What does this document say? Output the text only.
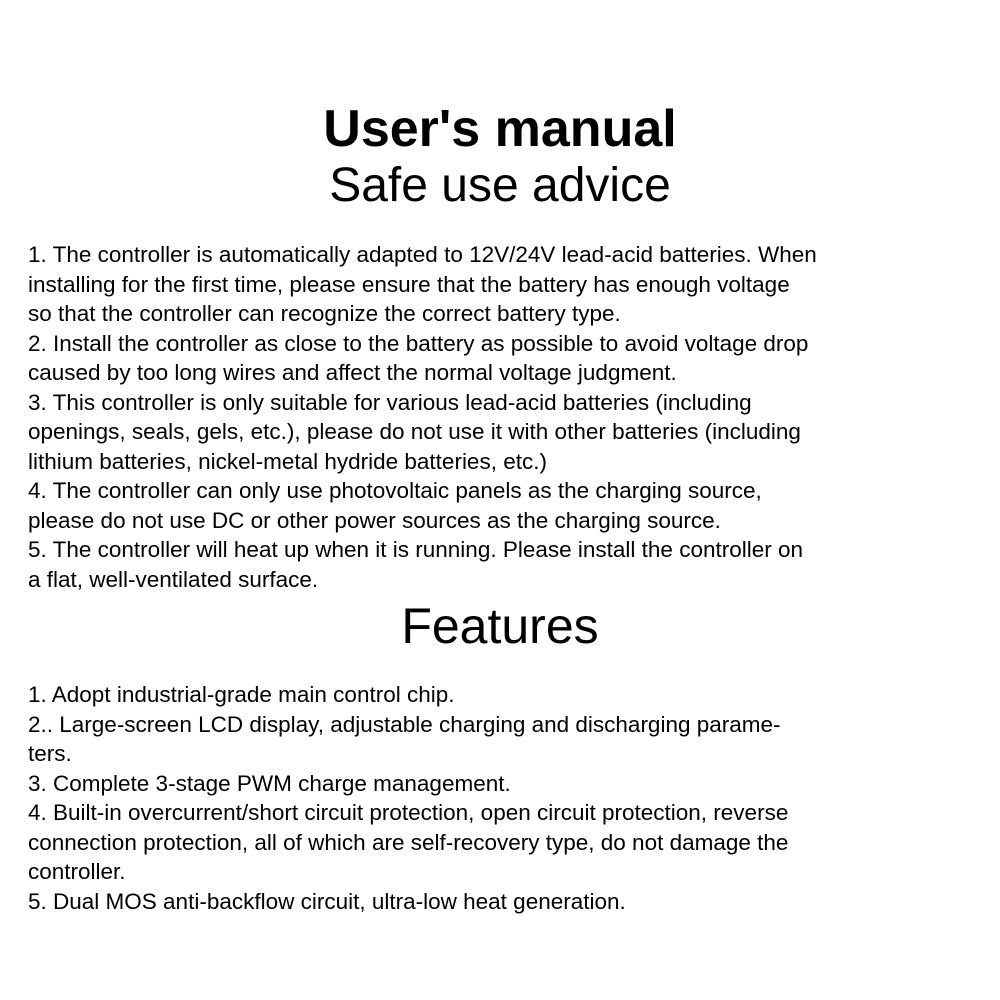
User's manual
Safe use advice
1. The controller is automatically adapted to 12V/24V lead-acid batteries. When
installing for the first time, please ensure that the battery has enough voltage
so that the controller can recognize the correct battery type.
2. Install the controller as close to the battery as possible to avoid voltage drop
caused by too long wires and affect the normal voltage judgment.
3. This controller is only suitable for various lead-acid batteries (including
openings, seals, gels, etc.), please do not use it with other batteries (including
lithium batteries, nickel-metal hydride batteries, etc.)
4. The controller can only use photovoltaic panels as the charging source,
please do not use DC or other power sources as the charging source.
5. The controller will heat up when it is running. Please install the controller on
a flat, well-ventilated surface.
Features
1. Adopt industrial-grade main control chip.
2.. Large-screen LCD display, adjustable charging and discharging parame-
ters.
3. Complete 3-stage PWM charge management.
4. Built-in overcurrent/short circuit protection, open circuit protection, reverse
connection protection, all of which are self-recovery type, do not damage the
controller.
5. Dual MOS anti-backflow circuit, ultra-low heat generation.
